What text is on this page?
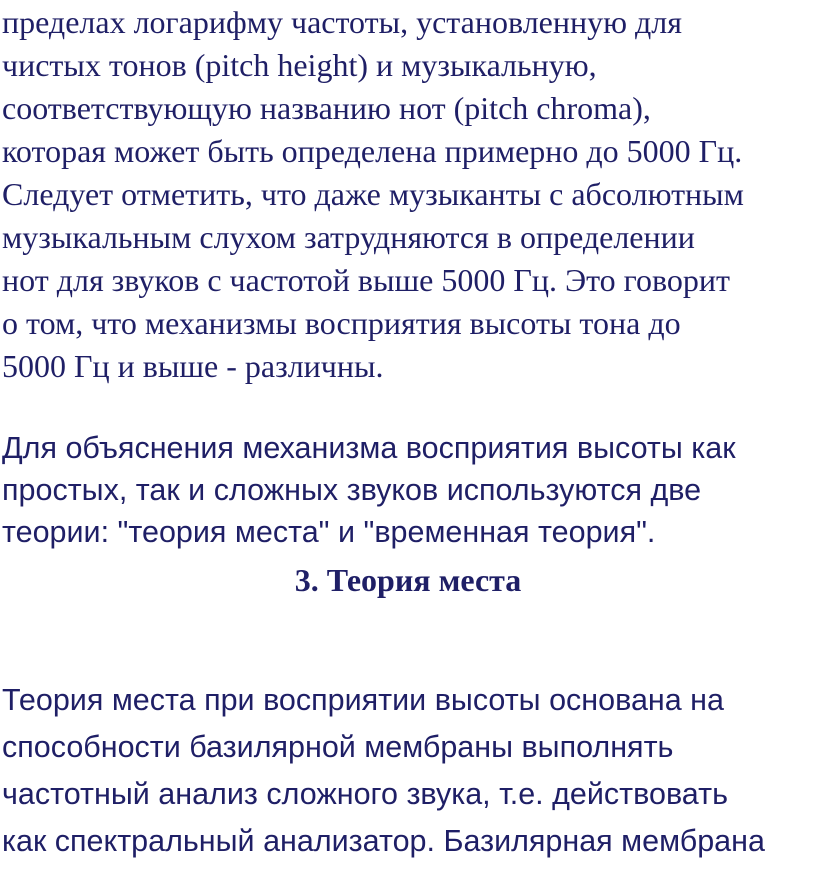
пределах логарифму частоты, установленную для
чистых тонов (pitch height) и музыкальную,
соответствующую названию нот (pitch chroma),
которая может быть определена примерно до 5000 Гц.
Следует отметить, что даже музыканты с абсолютным
музыкальным слухом затрудняются в определении
нот для звуков с частотой выше 5000 Гц. Это говорит
о том, что механизмы восприятия высоты тона до
5000 Гц и выше - различны.
Для объяснения механизма восприятия высоты как
простых, так и сложных звуков используются две
теории: "теория места" и "временная теория".
3. Теория места
Теория места при восприятии высоты основана на
способности базилярной мембраны выполнять
частотный анализ сложного звука, т.е. действовать
как спектральный анализатор. Базилярная мембрана
